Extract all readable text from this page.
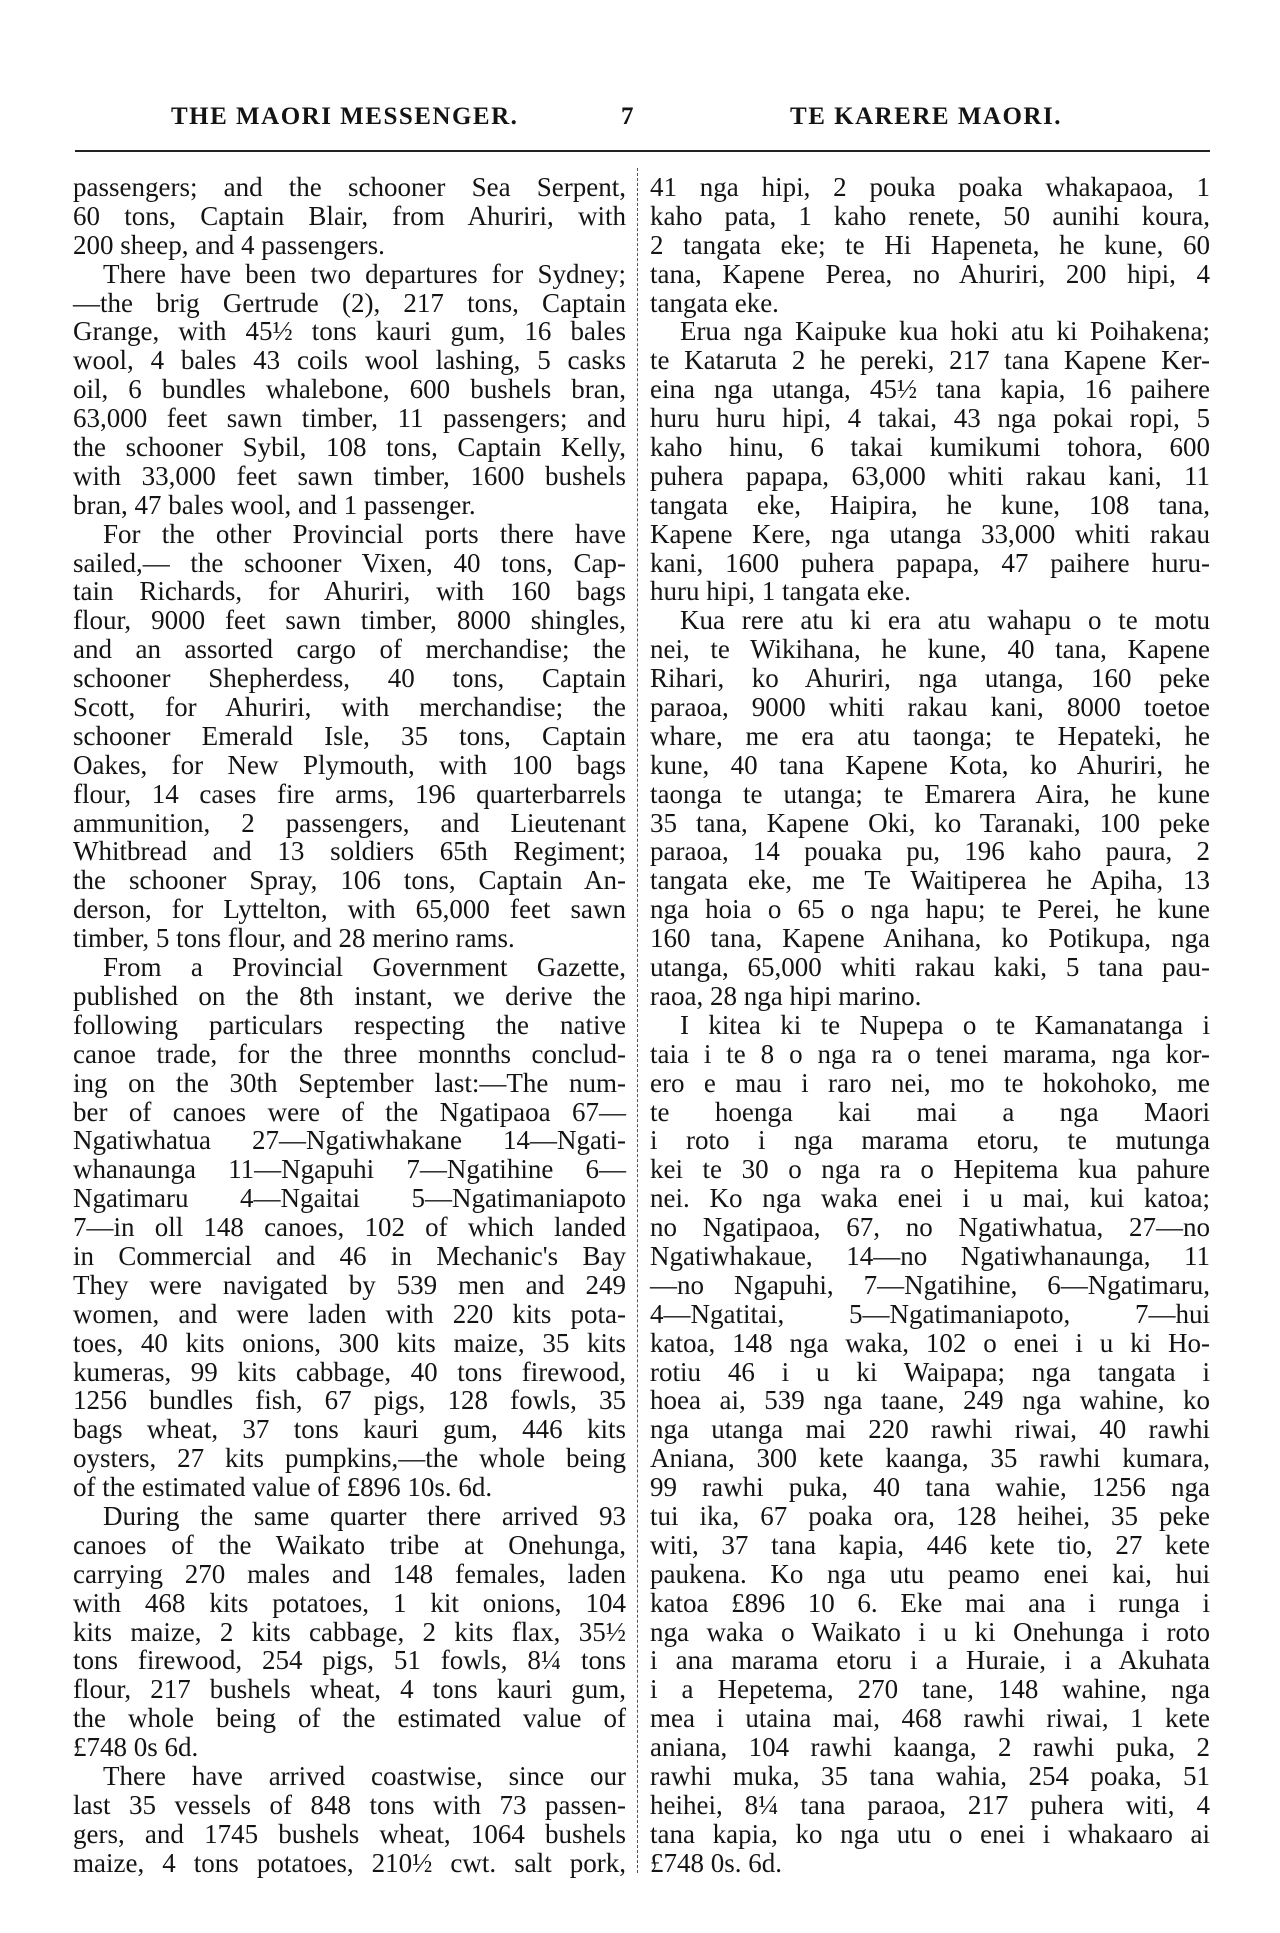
THE MAORI MESSENGER.	7	TE KARERE MAORI.
passengers; and the schooner Sea Serpent,
60 tons, Captain Blair, from Ahuriri, with
200 sheep, and 4 passengers.
There have been two departures for Sydney;
—the brig Gertrude (2), 217 tons, Captain
Grange, with 45½ tons kauri gum, 16 bales
wool, 4 bales 43 coils wool lashing, 5 casks
oil, 6 bundles whalebone, 600 bushels bran,
63,000 feet sawn timber, 11 passengers; and
the schooner Sybil, 108 tons, Captain Kelly,
with 33,000 feet sawn timber, 1600 bushels
bran, 47 bales wool, and 1 passenger.
For the other Provincial ports there have
sailed,— the schooner Vixen, 40 tons, Cap-
tain Richards, for Ahuriri, with 160 bags
flour, 9000 feet sawn timber, 8000 shingles,
and an assorted cargo of merchandise; the
schooner Shepherdess, 40 tons, Captain
Scott, for Ahuriri, with merchandise; the
schooner Emerald Isle, 35 tons, Captain
Oakes, for New Plymouth, with 100 bags
flour, 14 cases fire arms, 196 quarterbarrels
ammunition, 2 passengers, and Lieutenant
Whitbread and 13 soldiers 65th Regiment;
the schooner Spray, 106 tons, Captain An-
derson, for Lyttelton, with 65,000 feet sawn
timber, 5 tons flour, and 28 merino rams.
From a Provincial Government Gazette,
published on the 8th instant, we derive the
following particulars respecting the native
canoe trade, for the three monnths conclud-
ing on the 30th September last:—The num-
ber of canoes were of the Ngatipaoa 67—
Ngatiwhatua 27—Ngatiwhakane 14—Ngati-
whanaunga 11—Ngapuhi 7—Ngatihine 6—
Ngatimaru 4—Ngaitai 5—Ngatimaniapoto
7—in oll 148 canoes, 102 of which landed
in Commercial and 46 in Mechanic's Bay
They were navigated by 539 men and 249
women, and were laden with 220 kits pota-
toes, 40 kits onions, 300 kits maize, 35 kits
kumeras, 99 kits cabbage, 40 tons firewood,
1256 bundles fish, 67 pigs, 128 fowls, 35
bags wheat, 37 tons kauri gum, 446 kits
oysters, 27 kits pumpkins,—the whole being
of the estimated value of £896 10s. 6d.
During the same quarter there arrived 93
canoes of the Waikato tribe at Onehunga,
carrying 270 males and 148 females, laden
with 468 kits potatoes, 1 kit onions, 104
kits maize, 2 kits cabbage, 2 kits flax, 35½
tons firewood, 254 pigs, 51 fowls, 8¼ tons
flour, 217 bushels wheat, 4 tons kauri gum,
the whole being of the estimated value of
£748 0s 6d.
There have arrived coastwise, since our
last 35 vessels of 848 tons with 73 passen-
gers, and 1745 bushels wheat, 1064 bushels
maize, 4 tons potatoes, 210½ cwt. salt pork,
41 nga hipi, 2 pouka poaka whakapaoa, 1
kaho pata, 1 kaho renete, 50 aunihi koura,
2 tangata eke; te Hi Hapeneta, he kune, 60
tana, Kapene Perea, no Ahuriri, 200 hipi, 4
tangata eke.
Erua nga Kaipuke kua hoki atu ki Poihakena;
te Kataruta 2 he pereki, 217 tana Kapene Ker-
eina nga utanga, 45½ tana kapia, 16 paihere
huru huru hipi, 4 takai, 43 nga pokai ropi, 5
kaho hinu, 6 takai kumikumi tohora, 600
puhera papapa, 63,000 whiti rakau kani, 11
tangata eke, Haipira, he kune, 108 tana,
Kapene Kere, nga utanga 33,000 whiti rakau
kani, 1600 puhera papapa, 47 paihere huru-
huru hipi, 1 tangata eke.
Kua rere atu ki era atu wahapu o te motu
nei, te Wikihana, he kune, 40 tana, Kapene
Rihari, ko Ahuriri, nga utanga, 160 peke
paraoa, 9000 whiti rakau kani, 8000 toetoe
whare, me era atu taonga; te Hepateki, he
kune, 40 tana Kapene Kota, ko Ahuriri, he
taonga te utanga; te Emarera Aira, he kune
35 tana, Kapene Oki, ko Taranaki, 100 peke
paraoa, 14 pouaka pu, 196 kaho paura, 2
tangata eke, me Te Waitiperea he Apiha, 13
nga hoia o 65 o nga hapu; te Perei, he kune
160 tana, Kapene Anihana, ko Potikupa, nga
utanga, 65,000 whiti rakau kaki, 5 tana pau-
raoa, 28 nga hipi marino.
I kitea ki te Nupepa o te Kamanatanga i
taia i te 8 o nga ra o tenei marama, nga kor-
ero e mau i raro nei, mo te hokohoko, me
te hoenga kai mai a nga Maori
i roto i nga marama etoru, te mutunga
kei te 30 o nga ra o Hepitema kua pahure
nei. Ko nga waka enei i u mai, kui katoa;
no Ngatipaoa, 67, no Ngatiwhatua, 27—no
Ngatiwhakaue, 14—no Ngatiwhanaunga, 11
—no Ngapuhi, 7—Ngatihine, 6—Ngatimaru,
4—Ngatitai, 5—Ngatimaniapoto, 7—hui
katoa, 148 nga waka, 102 o enei i u ki Ho-
rotiu 46 i u ki Waipapa; nga tangata i
hoea ai, 539 nga taane, 249 nga wahine, ko
nga utanga mai 220 rawhi riwai, 40 rawhi
Aniana, 300 kete kaanga, 35 rawhi kumara,
99 rawhi puka, 40 tana wahie, 1256 nga
tui ika, 67 poaka ora, 128 heihei, 35 peke
witi, 37 tana kapia, 446 kete tio, 27 kete
paukena. Ko nga utu peamo enei kai, hui
katoa £896 10 6. Eke mai ana i runga i
nga waka o Waikato i u ki Onehunga i roto
i ana marama etoru i a Huraie, i a Akuhata
i a Hepetema, 270 tane, 148 wahine, nga
mea i utaina mai, 468 rawhi riwai, 1 kete
aniana, 104 rawhi kaanga, 2 rawhi puka, 2
rawhi muka, 35 tana wahia, 254 poaka, 51
heihei, 8¼ tana paraoa, 217 puhera witi, 4
tana kapia, ko nga utu o enei i whakaaro ai
£748 0s. 6d.
